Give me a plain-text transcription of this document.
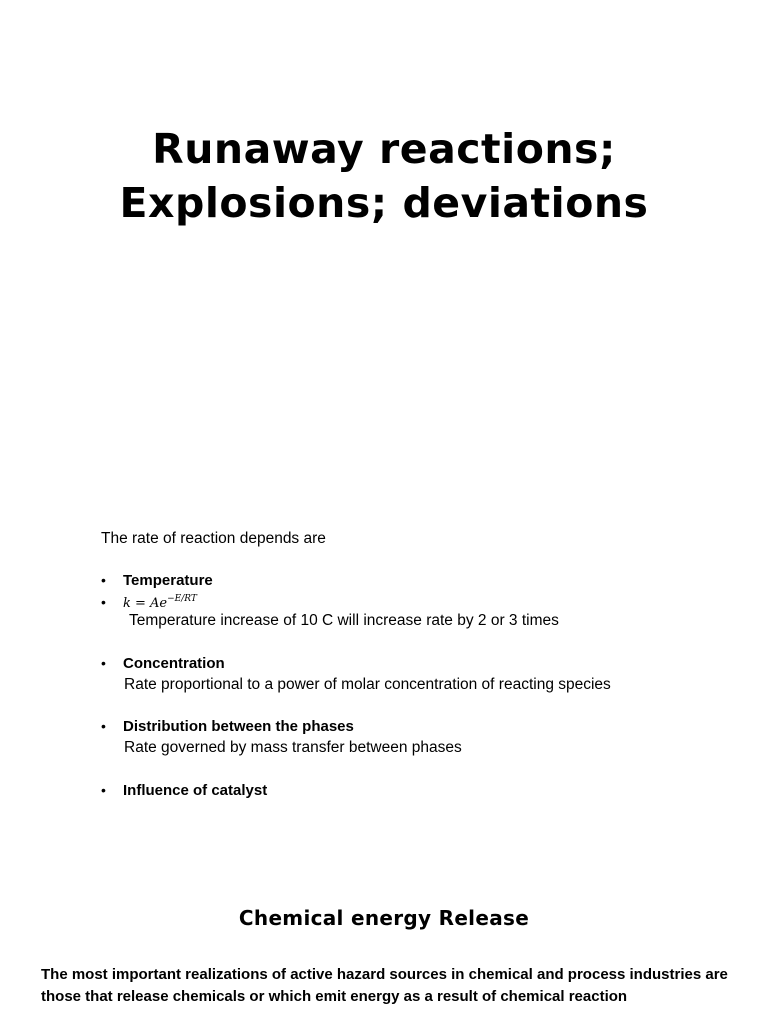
Runaway reactions;
Explosions; deviations
The rate of reaction depends are
• Temperature
• $k = Ae^{-E/RT}$
Temperature increase of 10 C will increase rate by 2 or 3 times
• Concentration
Rate proportional to a power of molar concentration of reacting species
• Distribution between the phases
Rate governed by mass transfer between phases
• Influence of catalyst
Chemical energy Release

The most important realizations of active hazard sources in chemical and process industries are those that release chemicals or which emit energy as a result of chemical reaction
